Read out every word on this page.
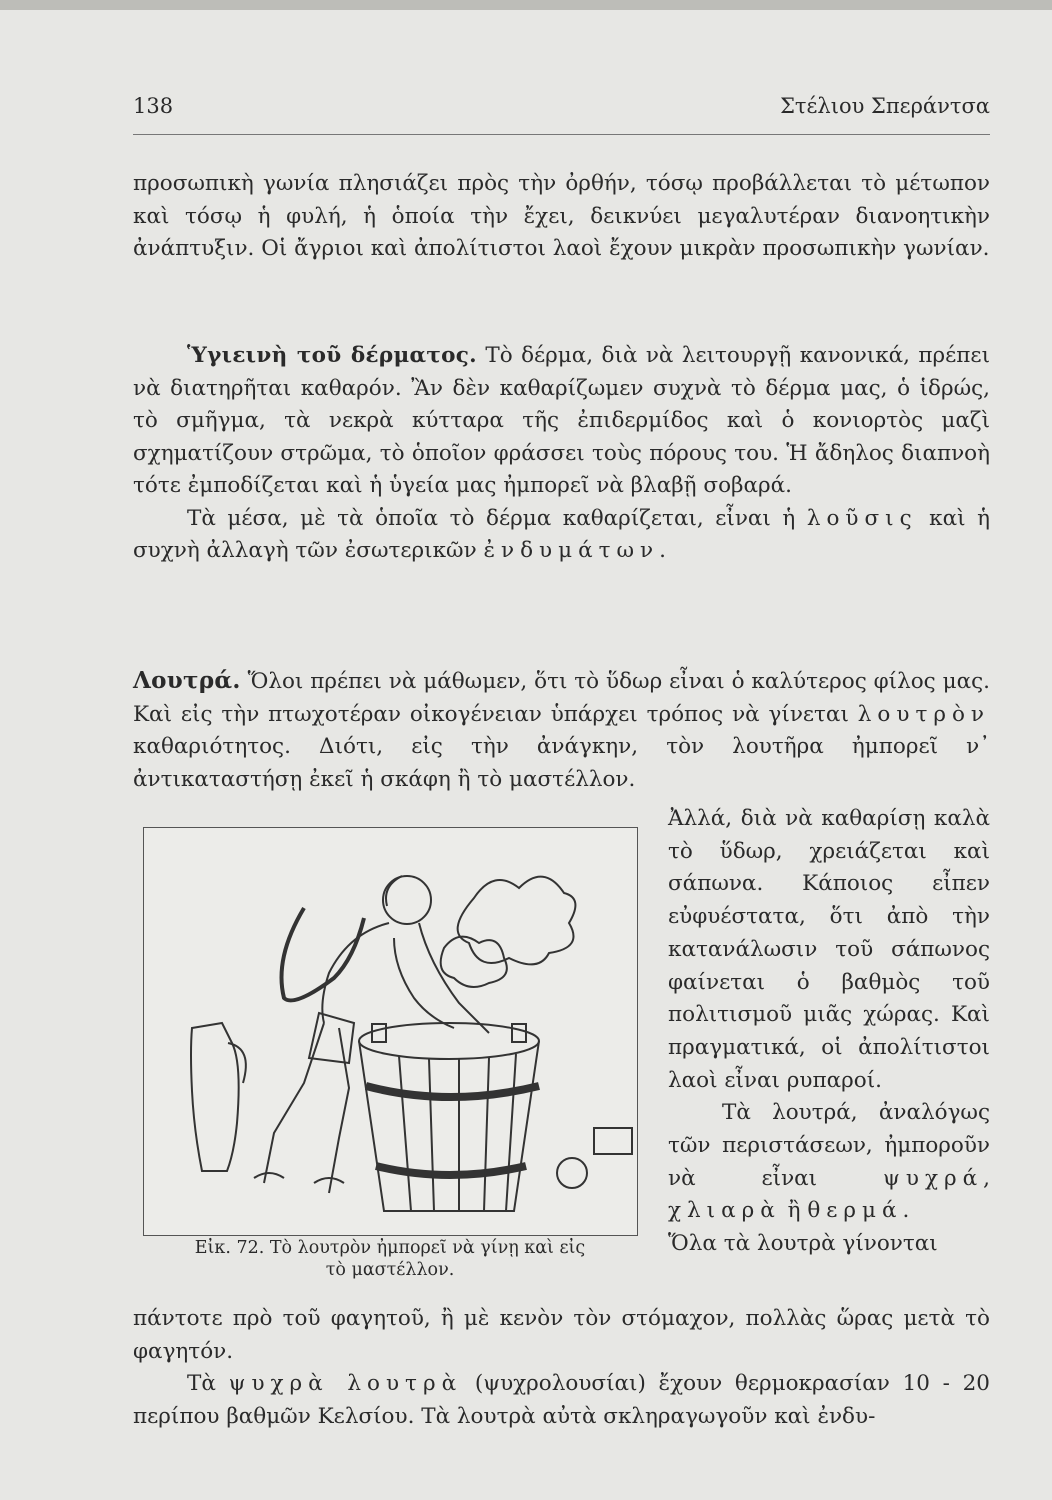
138	Στέλιου Σπεράντσα

προσωπικὴ γωνία πλησιάζει πρὸς τὴν ὀρθήν, τόσῳ προβάλλεται τὸ μέτωπον καὶ τόσῳ ἡ φυλή, ἡ ὁποία τὴν ἔχει, δεικνύει μεγαλυτέραν διανοητικὴν ἀνάπτυξιν. Οἱ ἄγριοι καὶ ἀπολίτιστοι λαοὶ ἔχουν μικρὰν προσωπικὴν γωνίαν.

Ὑγιεινὴ τοῦ δέρματος. Τὸ δέρμα, διὰ νὰ λειτουργῇ κανονικά, πρέπει νὰ διατηρῆται καθαρόν. Ἂν δὲν καθαρίζωμεν συχνὰ τὸ δέρμα μας, ὁ ἱδρώς, τὸ σμῆγμα, τὰ νεκρὰ κύτταρα τῆς ἐπιδερμίδος καὶ ὁ κονιορτὸς μαζὶ σχηματίζουν στρῶμα, τὸ ὁποῖον φράσσει τοὺς πόρους του. Ἡ ἄδηλος διαπνοὴ τότε ἐμποδίζεται καὶ ἡ ὑγεία μας ἠμπορεῖ νὰ βλαβῇ σοβαρά.

Τὰ μέσα, μὲ τὰ ὁποῖα τὸ δέρμα καθαρίζεται, εἶναι ἡ λοῦσις καὶ ἡ συχνὴ ἀλλαγὴ τῶν ἐσωτερικῶν ἐνδυμάτων.

Λουτρά. Ὅλοι πρέπει νὰ μάθωμεν, ὅτι τὸ ὕδωρ εἶναι ὁ καλύτερος φίλος μας. Καὶ εἰς τὴν πτωχοτέραν οἰκογένειαν ὑπάρχει τρόπος νὰ γίνεται λουτρὸν καθαριότητος. Διότι, εἰς τὴν ἀνάγκην, τὸν λουτῆρα ἠμπορεῖ ν᾽ ἀντικαταστήσῃ ἐκεῖ ἡ σκάφη ἢ τὸ μαστέλλον.

Εἰκ. 72. Τὸ λουτρὸν ἠμπορεῖ νὰ γίνῃ καὶ εἰς
τὸ μαστέλλον.

Ἀλλά, διὰ νὰ καθαρίσῃ καλὰ τὸ ὕδωρ, χρειάζεται καὶ σάπωνα. Κάποιος εἶπεν εὐφυέστατα, ὅτι ἀπὸ τὴν κατανάλωσιν τοῦ σάπωνος φαίνεται ὁ βαθμὸς τοῦ πολιτισμοῦ μιᾶς χώρας. Καὶ πραγματικά, οἱ ἀπολίτιστοι λαοὶ εἶναι ρυπαροί.

Τὰ λουτρά, ἀναλόγως τῶν περιστάσεων, ἠμποροῦν νὰ εἶναι ψυχρά, χλιαρὰ ἢ θερμά.

Ὅλα τὰ λουτρὰ γίνονται

πάντοτε πρὸ τοῦ φαγητοῦ, ἢ μὲ κενὸν τὸν στόμαχον, πολλὰς ὥρας μετὰ τὸ φαγητόν.

Τὰ ψυχρὰ λουτρὰ (ψυχρολουσίαι) ἔχουν θερμοκρασίαν 10 - 20 περίπου βαθμῶν Κελσίου. Τὰ λουτρὰ αὐτὰ σκληραγωγοῦν καὶ ἐνδυ-
